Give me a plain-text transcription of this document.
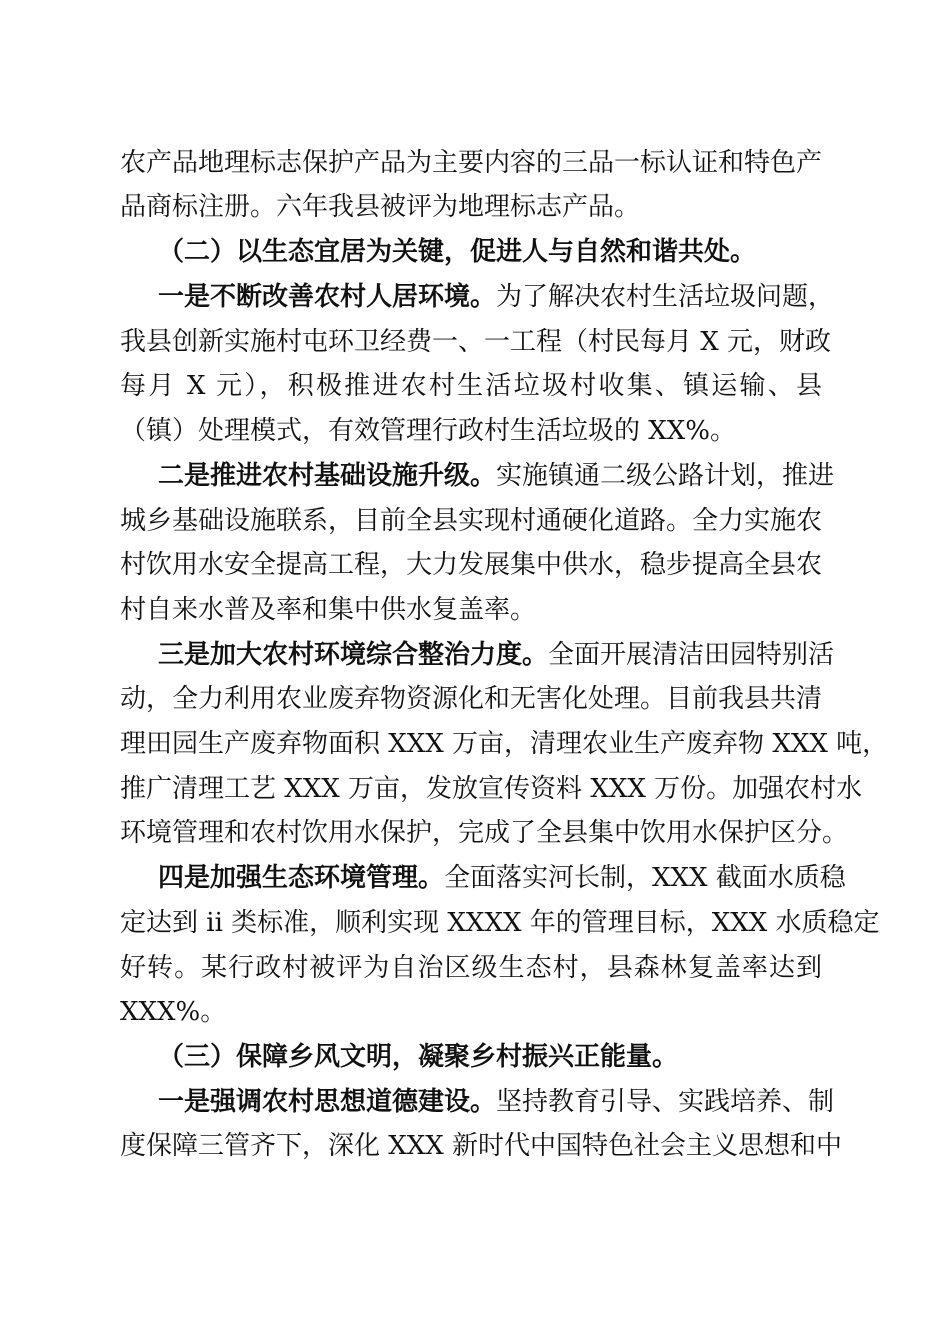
农产品地理标志保护产品为主要内容的三品一标认证和特色产
品商标注册。六年我县被评为地理标志产品。
（二）以生态宜居为关键，促进人与自然和谐共处。
一是不断改善农村人居环境。为了解决农村生活垃圾问题，
我县创新实施村屯环卫经费一、一工程（村民每月 X 元，财政
每月 X 元），积极推进农村生活垃圾村收集、镇运输、县
（镇）处理模式，有效管理行政村生活垃圾的 XX%。
二是推进农村基础设施升级。实施镇通二级公路计划，推进
城乡基础设施联系，目前全县实现村通硬化道路。全力实施农
村饮用水安全提高工程，大力发展集中供水，稳步提高全县农
村自来水普及率和集中供水复盖率。
三是加大农村环境综合整治力度。全面开展清洁田园特别活
动，全力利用农业废弃物资源化和无害化处理。目前我县共清
理田园生产废弃物面积 XXX 万亩，清理农业生产废弃物 XXX 吨，
推广清理工艺 XXX 万亩，发放宣传资料 XXX 万份。加强农村水
环境管理和农村饮用水保护，完成了全县集中饮用水保护区分。
四是加强生态环境管理。全面落实河长制，XXX 截面水质稳
定达到 ii 类标准，顺利实现 XXXX 年的管理目标，XXX 水质稳定
好转。某行政村被评为自治区级生态村，县森林复盖率达到
XXX%。
（三）保障乡风文明，凝聚乡村振兴正能量。
一是强调农村思想道德建设。坚持教育引导、实践培养、制
度保障三管齐下，深化 XXX 新时代中国特色社会主义思想和中
